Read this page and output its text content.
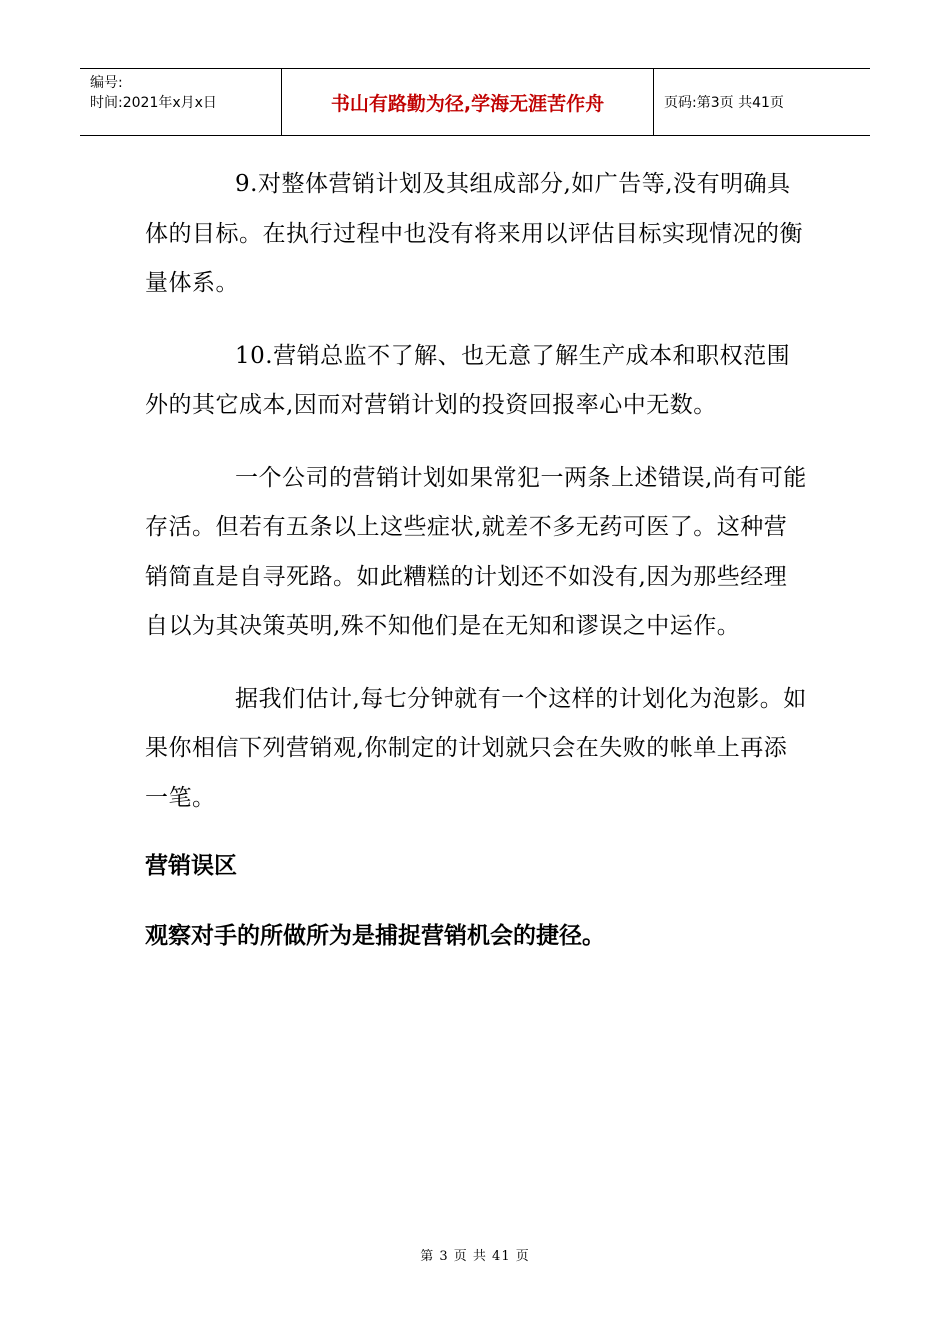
编号:
时间:2021年x月x日	书山有路勤为径,学海无涯苦作舟	页码:第3页 共41页

9.对整体营销计划及其组成部分,如广告等,没有明确具体的目标。在执行过程中也没有将来用以评估目标实现情况的衡量体系。

10.营销总监不了解、也无意了解生产成本和职权范围外的其它成本,因而对营销计划的投资回报率心中无数。

一个公司的营销计划如果常犯一两条上述错误,尚有可能存活。但若有五条以上这些症状,就差不多无药可医了。这种营销简直是自寻死路。如此糟糕的计划还不如没有,因为那些经理自以为其决策英明,殊不知他们是在无知和谬误之中运作。

据我们估计,每七分钟就有一个这样的计划化为泡影。如果你相信下列营销观,你制定的计划就只会在失败的帐单上再添一笔。

营销误区

观察对手的所做所为是捕捉营销机会的捷径。

第 3 页 共 41 页
